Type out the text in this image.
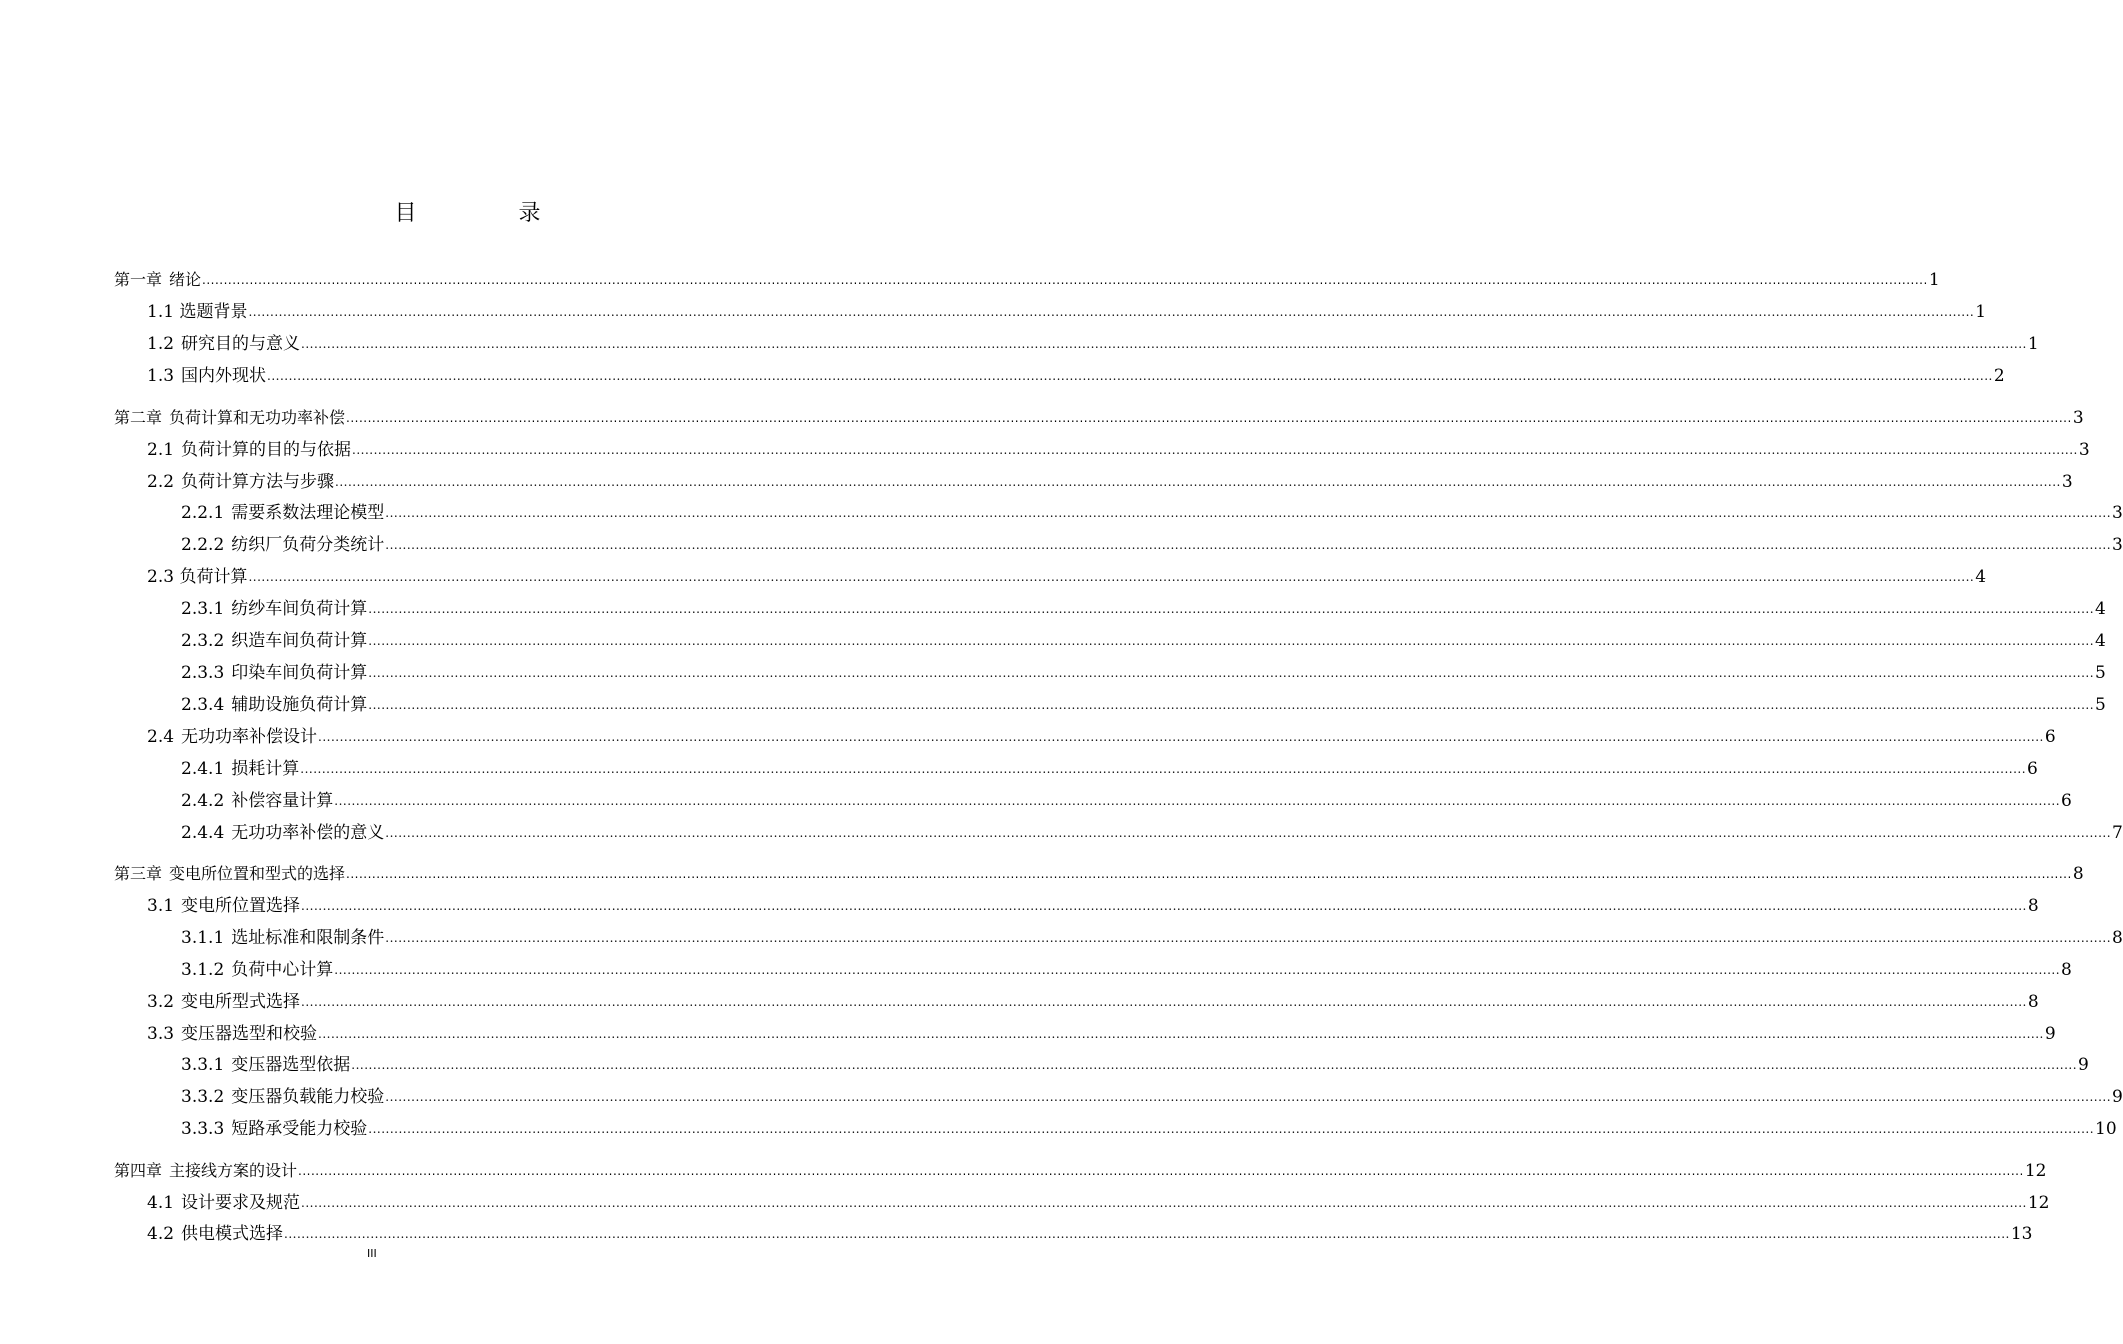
目　录
第一章 绪论 ................................................................................................................................................................................................................................................................................................................................................................................................................ 1
1.1 选题背景 ................................................................................................................................................................................................................................................................................................................................................................................................................ 1
1.2 研究目的与意义 ................................................................................................................................................................................................................................................................................................................................................................................................................ 1
1.3 国内外现状 ................................................................................................................................................................................................................................................................................................................................................................................................................ 2
第二章 负荷计算和无功功率补偿 ................................................................................................................................................................................................................................................................................................................................................................................................................ 3
2.1 负荷计算的目的与依据 ................................................................................................................................................................................................................................................................................................................................................................................................................ 3
2.2 负荷计算方法与步骤 ................................................................................................................................................................................................................................................................................................................................................................................................................ 3
2.2.1 需要系数法理论模型 ................................................................................................................................................................................................................................................................................................................................................................................................................ 3
2.2.2 纺织厂负荷分类统计 ................................................................................................................................................................................................................................................................................................................................................................................................................ 3
2.3 负荷计算 ................................................................................................................................................................................................................................................................................................................................................................................................................ 4
2.3.1 纺纱车间负荷计算 ................................................................................................................................................................................................................................................................................................................................................................................................................ 4
2.3.2 织造车间负荷计算 ................................................................................................................................................................................................................................................................................................................................................................................................................ 4
2.3.3 印染车间负荷计算 ................................................................................................................................................................................................................................................................................................................................................................................................................ 5
2.3.4 辅助设施负荷计算 ................................................................................................................................................................................................................................................................................................................................................................................................................ 5
2.4 无功功率补偿设计 ................................................................................................................................................................................................................................................................................................................................................................................................................ 6
2.4.1 损耗计算 ................................................................................................................................................................................................................................................................................................................................................................................................................ 6
2.4.2 补偿容量计算 ................................................................................................................................................................................................................................................................................................................................................................................................................ 6
2.4.4 无功功率补偿的意义 ................................................................................................................................................................................................................................................................................................................................................................................................................ 7
第三章 变电所位置和型式的选择 ................................................................................................................................................................................................................................................................................................................................................................................................................ 8
3.1 变电所位置选择 ................................................................................................................................................................................................................................................................................................................................................................................................................ 8
3.1.1 选址标准和限制条件 ................................................................................................................................................................................................................................................................................................................................................................................................................ 8
3.1.2 负荷中心计算 ................................................................................................................................................................................................................................................................................................................................................................................................................ 8
3.2 变电所型式选择 ................................................................................................................................................................................................................................................................................................................................................................................................................ 8
3.3 变压器选型和校验 ................................................................................................................................................................................................................................................................................................................................................................................................................ 9
3.3.1 变压器选型依据 ................................................................................................................................................................................................................................................................................................................................................................................................................ 9
3.3.2 变压器负载能力校验 ................................................................................................................................................................................................................................................................................................................................................................................................................ 9
3.3.3 短路承受能力校验 ................................................................................................................................................................................................................................................................................................................................................................................................................ 10
第四章 主接线方案的设计 ................................................................................................................................................................................................................................................................................................................................................................................................................ 12
4.1 设计要求及规范 ................................................................................................................................................................................................................................................................................................................................................................................................................ 12
4.2 供电模式选择 ................................................................................................................................................................................................................................................................................................................................................................................................................ 13
III
